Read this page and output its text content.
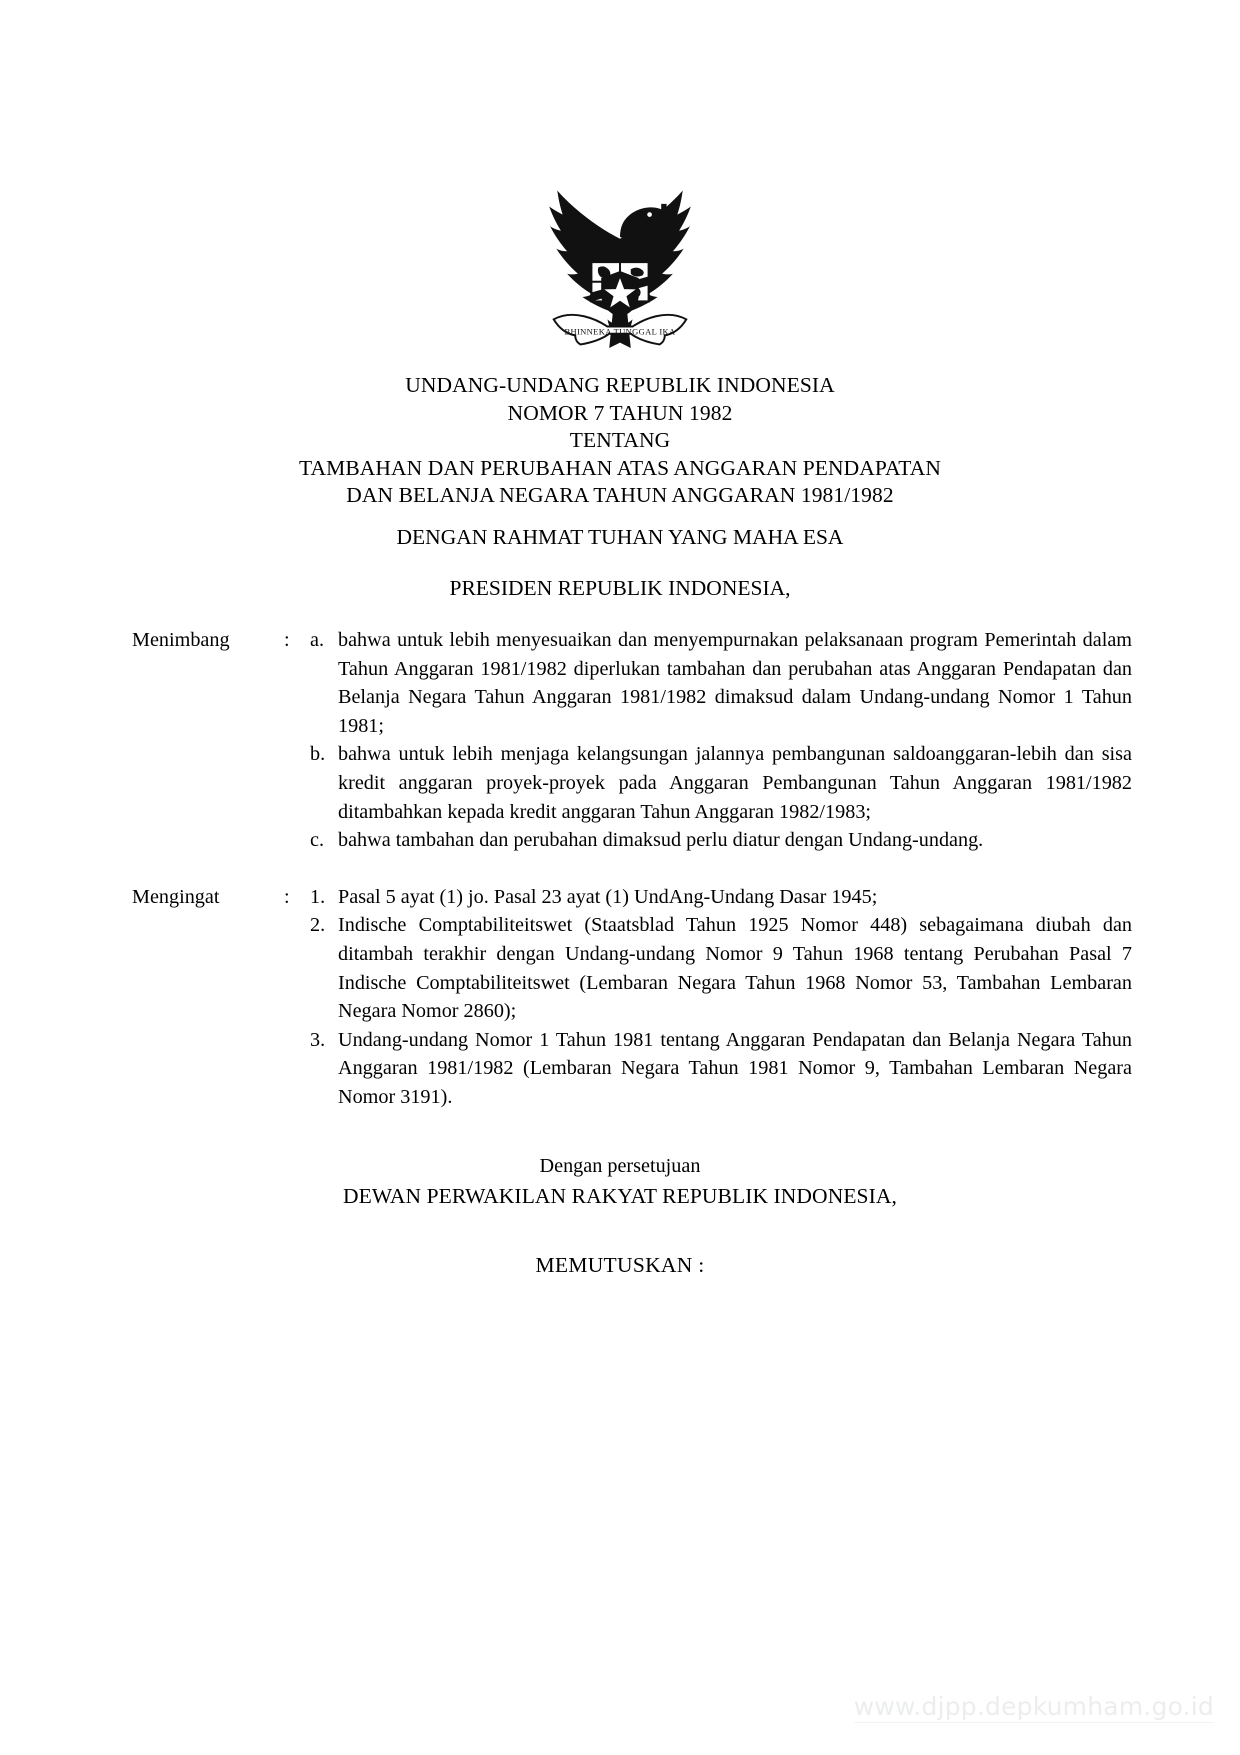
BHINNEKA TUNGGAL IKA
UNDANG-UNDANG REPUBLIK INDONESIA
NOMOR 7 TAHUN 1982
TENTANG
TAMBAHAN DAN PERUBAHAN ATAS ANGGARAN PENDAPATAN
DAN BELANJA NEGARA TAHUN ANGGARAN 1981/1982
DENGAN RAHMAT TUHAN YANG MAHA ESA
PRESIDEN REPUBLIK INDONESIA,
Menimbang	:	a. bahwa untuk lebih menyesuaikan dan menyempurnakan pelaksanaan program Pemerintah dalam Tahun Anggaran 1981/1982 diperlukan tambahan dan perubahan atas Anggaran Pendapatan dan Belanja Negara Tahun Anggaran 1981/1982 dimaksud dalam Undang-undang Nomor 1 Tahun 1981;
b. bahwa untuk lebih menjaga kelangsungan jalannya pembangunan saldoanggaran-lebih dan sisa kredit anggaran proyek-proyek pada Anggaran Pembangunan Tahun Anggaran 1981/1982 ditambahkan kepada kredit anggaran Tahun Anggaran 1982/1983;
c. bahwa tambahan dan perubahan dimaksud perlu diatur dengan Undang-undang.
Mengingat	:	1. Pasal 5 ayat (1) jo. Pasal 23 ayat (1) UndAng-Undang Dasar 1945;
2. Indische Comptabiliteitswet (Staatsblad Tahun 1925 Nomor 448) sebagaimana diubah dan ditambah terakhir dengan Undang-undang Nomor 9 Tahun 1968 tentang Perubahan Pasal 7 Indische Comptabiliteitswet (Lembaran Negara Tahun 1968 Nomor 53, Tambahan Lembaran Negara Nomor 2860);
3. Undang-undang Nomor 1 Tahun 1981 tentang Anggaran Pendapatan dan Belanja Negara Tahun Anggaran 1981/1982 (Lembaran Negara Tahun 1981 Nomor 9, Tambahan Lembaran Negara Nomor 3191).
Dengan persetujuan
DEWAN PERWAKILAN RAKYAT REPUBLIK INDONESIA,
MEMUTUSKAN :
www.djpp.depkumham.go.id
